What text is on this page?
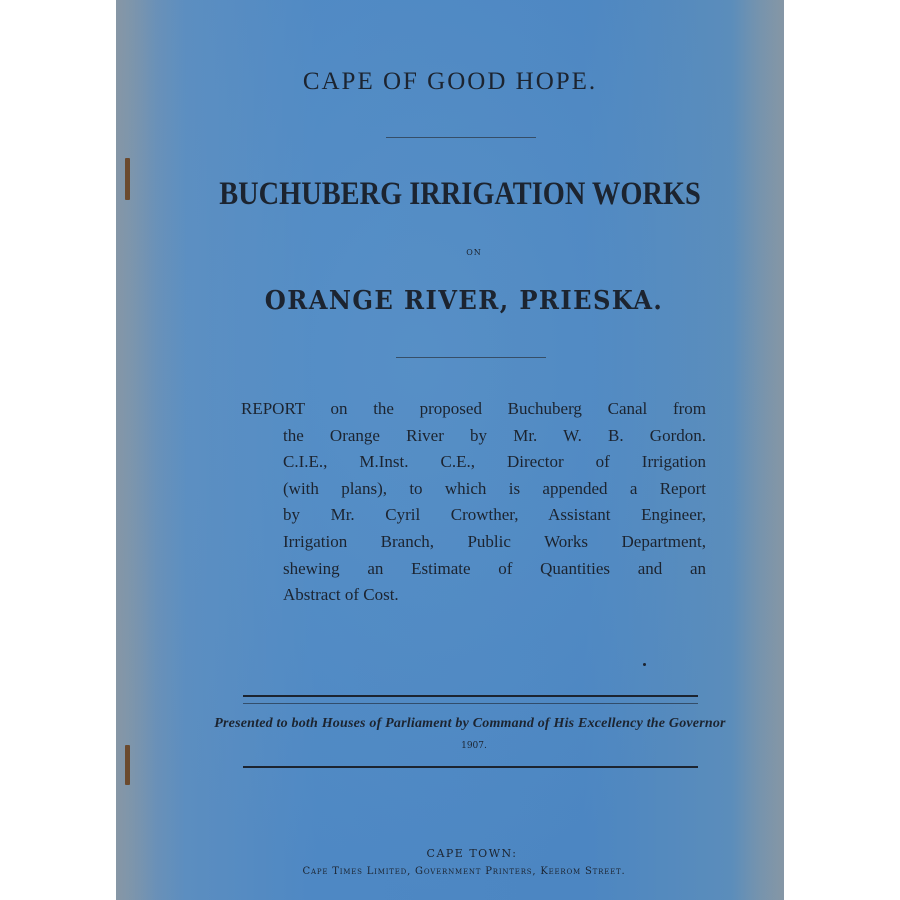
CAPE OF GOOD HOPE.
BUCHUBERG IRRIGATION WORKS
ON
ORANGE RIVER, PRIESKA.
REPORT on the proposed Buchuberg Canal from
the Orange River by Mr. W. B. Gordon.
C.I.E., M.Inst. C.E., Director of Irrigation
(with plans), to which is appended a Report
by Mr. Cyril Crowther, Assistant Engineer,
Irrigation Branch, Public Works Department,
shewing an Estimate of Quantities and an
Abstract of Cost.
Presented to both Houses of Parliament by Command of His Excellency the Governor
1907.
CAPE TOWN:
Cape Times Limited, Government Printers, Keerom Street.
